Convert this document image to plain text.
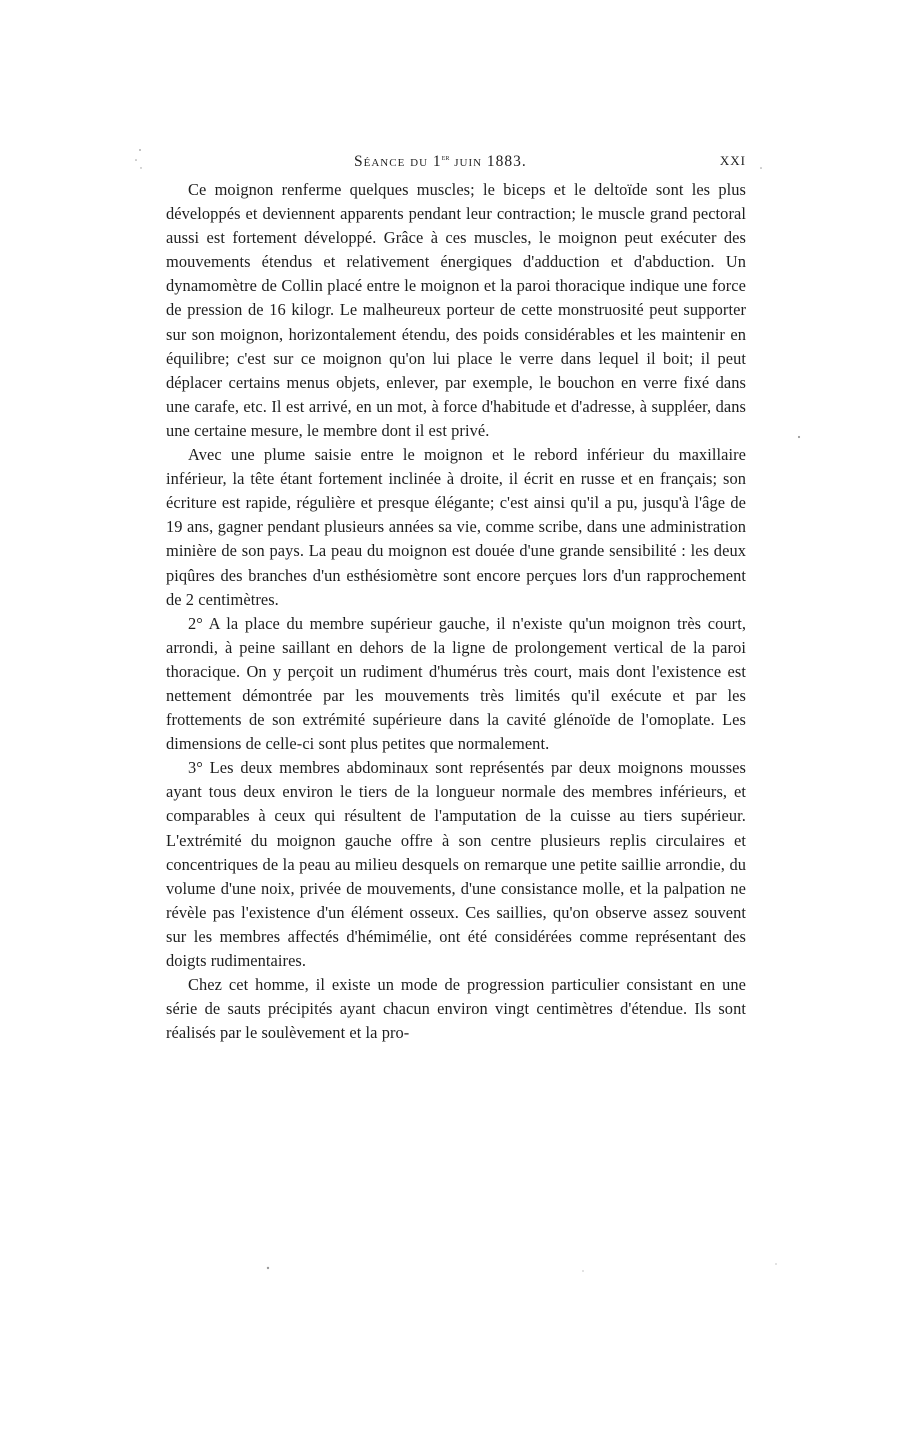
Séance du 1er juin 1883.	XXI

Ce moignon renferme quelques muscles; le biceps et le deltoïde sont les plus développés et deviennent apparents pendant leur contraction; le muscle grand pectoral aussi est fortement développé. Grâce à ces muscles, le moignon peut exécuter des mouvements étendus et relativement énergiques d'adduction et d'abduction. Un dynamomètre de Collin placé entre le moignon et la paroi thoracique indique une force de pression de 16 kilogr. Le malheureux porteur de cette monstruosité peut supporter sur son moignon, horizontalement étendu, des poids considérables et les maintenir en équilibre; c'est sur ce moignon qu'on lui place le verre dans lequel il boit; il peut déplacer certains menus objets, enlever, par exemple, le bouchon en verre fixé dans une carafe, etc. Il est arrivé, en un mot, à force d'habitude et d'adresse, à suppléer, dans une certaine mesure, le membre dont il est privé.

Avec une plume saisie entre le moignon et le rebord inférieur du maxillaire inférieur, la tête étant fortement inclinée à droite, il écrit en russe et en français; son écriture est rapide, régulière et presque élégante; c'est ainsi qu'il a pu, jusqu'à l'âge de 19 ans, gagner pendant plusieurs années sa vie, comme scribe, dans une administration minière de son pays. La peau du moignon est douée d'une grande sensibilité : les deux piqûres des branches d'un esthésiomètre sont encore perçues lors d'un rapprochement de 2 centimètres.

2° A la place du membre supérieur gauche, il n'existe qu'un moignon très court, arrondi, à peine saillant en dehors de la ligne de prolongement vertical de la paroi thoracique. On y perçoit un rudiment d'humérus très court, mais dont l'existence est nettement démontrée par les mouvements très limités qu'il exécute et par les frottements de son extrémité supérieure dans la cavité glénoïde de l'omoplate. Les dimensions de celle-ci sont plus petites que normalement.

3° Les deux membres abdominaux sont représentés par deux moignons mousses ayant tous deux environ le tiers de la longueur normale des membres inférieurs, et comparables à ceux qui résultent de l'amputation de la cuisse au tiers supérieur. L'extrémité du moignon gauche offre à son centre plusieurs replis circulaires et concentriques de la peau au milieu desquels on remarque une petite saillie arrondie, du volume d'une noix, privée de mouvements, d'une consistance molle, et la palpation ne révèle pas l'existence d'un élément osseux. Ces saillies, qu'on observe assez souvent sur les membres affectés d'hémimélie, ont été considérées comme représentant des doigts rudimentaires.

Chez cet homme, il existe un mode de progression particulier consistant en une série de sauts précipités ayant chacun environ vingt centimètres d'étendue. Ils sont réalisés par le soulèvement et la pro-
